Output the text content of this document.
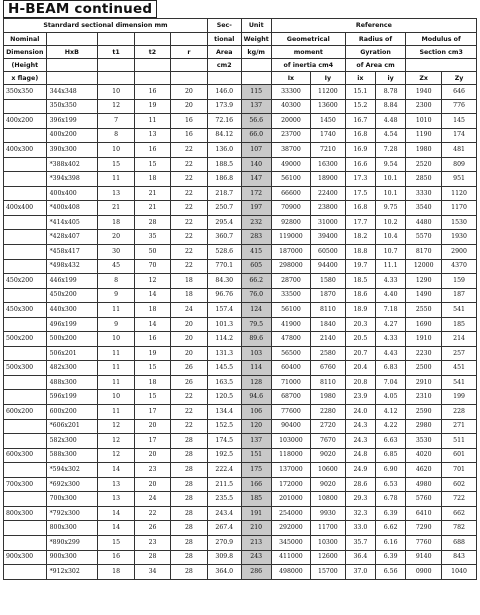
H-BEAM continued
Stanrdard sectional dimension mm					Sec-	Unit	Reference					
Nominal					tional	Weight	Geometrical		Radius of		Modulus of	
Dimension	HxB	t1	t2	r	Area	kg/m	moment		Gyration		Section cm3	
(Height					cm2		of inertia cm4		of Area cm			
x flage)							Ix	Iy	ix	iy	Zx	Zy
350x350	344x348	10	16	20	146.0	115	33300	11200	15.1	8.78	1940	646
	350x350	12	19	20	173.9	137	40300	13600	15.2	8.84	2300	776
400x200	396x199	7	11	16	72.16	56.6	20000	1450	16.7	4.48	1010	145
	400x200	8	13	16	84.12	66.0	23700	1740	16.8	4.54	1190	174
400x300	390x300	10	16	22	136.0	107	38700	7210	16.9	7.28	1980	481
	*388x402	15	15	22	188.5	140	49000	16300	16.6	9.54	2520	809
	*394x398	11	18	22	186.8	147	56100	18900	17.3	10.1	2850	951
	400x400	13	21	22	218.7	172	66600	22400	17.5	10.1	3330	1120
400x400	*400x408	21	21	22	250.7	197	70900	23800	16.8	9.75	3540	1170
	*414x405	18	28	22	295.4	232	92800	31000	17.7	10.2	4480	1530
	*428x407	20	35	22	360.7	283	119000	39400	18.2	10.4	5570	1930
	*458x417	30	50	22	528.6	415	187000	60500	18.8	10.7	8170	2900
	*498x432	45	70	22	770.1	605	298000	94400	19.7	11.1	12000	4370
450x200	446x199	8	12	18	84.30	66.2	28700	1580	18.5	4.33	1290	159
	450x200	9	14	18	96.76	76.0	33500	1870	18.6	4.40	1490	187
450x300	440x300	11	18	24	157.4	124	56100	8110	18.9	7.18	2550	541
	496x199	9	14	20	101.3	79.5	41900	1840	20.3	4.27	1690	185
500x200	500x200	10	16	20	114.2	89.6	47800	2140	20.5	4.33	1910	214
	506x201	11	19	20	131.3	103	56500	2580	20.7	4.43	2230	257
500x300	482x300	11	15	26	145.5	114	60400	6760	20.4	6.83	2500	451
	488x300	11	18	26	163.5	128	71000	8110	20.8	7.04	2910	541
	596x199	10	15	22	120.5	94.6	68700	1980	23.9	4.05	2310	199
600x200	600x200	11	17	22	134.4	106	77600	2280	24.0	4.12	2590	228
	*606x201	12	20	22	152.5	120	90400	2720	24.3	4.22	2980	271
	582x300	12	17	28	174.5	137	103000	7670	24.3	6.63	3530	511
600x300	588x300	12	20	28	192.5	151	118000	9020	24.8	6.85	4020	601
	*594x302	14	23	28	222.4	175	137000	10600	24.9	6.90	4620	701
700x300	*692x300	13	20	28	211.5	166	172000	9020	28.6	6.53	4980	602
	700x300	13	24	28	235.5	185	201000	10800	29.3	6.78	5760	722
800x300	*792x300	14	22	28	243.4	191	254000	9930	32.3	6.39	6410	662
	800x300	14	26	28	267.4	210	292000	11700	33.0	6.62	7290	782
	*890x299	15	23	28	270.9	213	345000	10300	35.7	6.16	7760	688
900x300	900x300	16	28	28	309.8	243	411000	12600	36.4	6.39	9140	843
	*912x302	18	34	28	364.0	286	498000	15700	37.0	6.56	0900	1040
